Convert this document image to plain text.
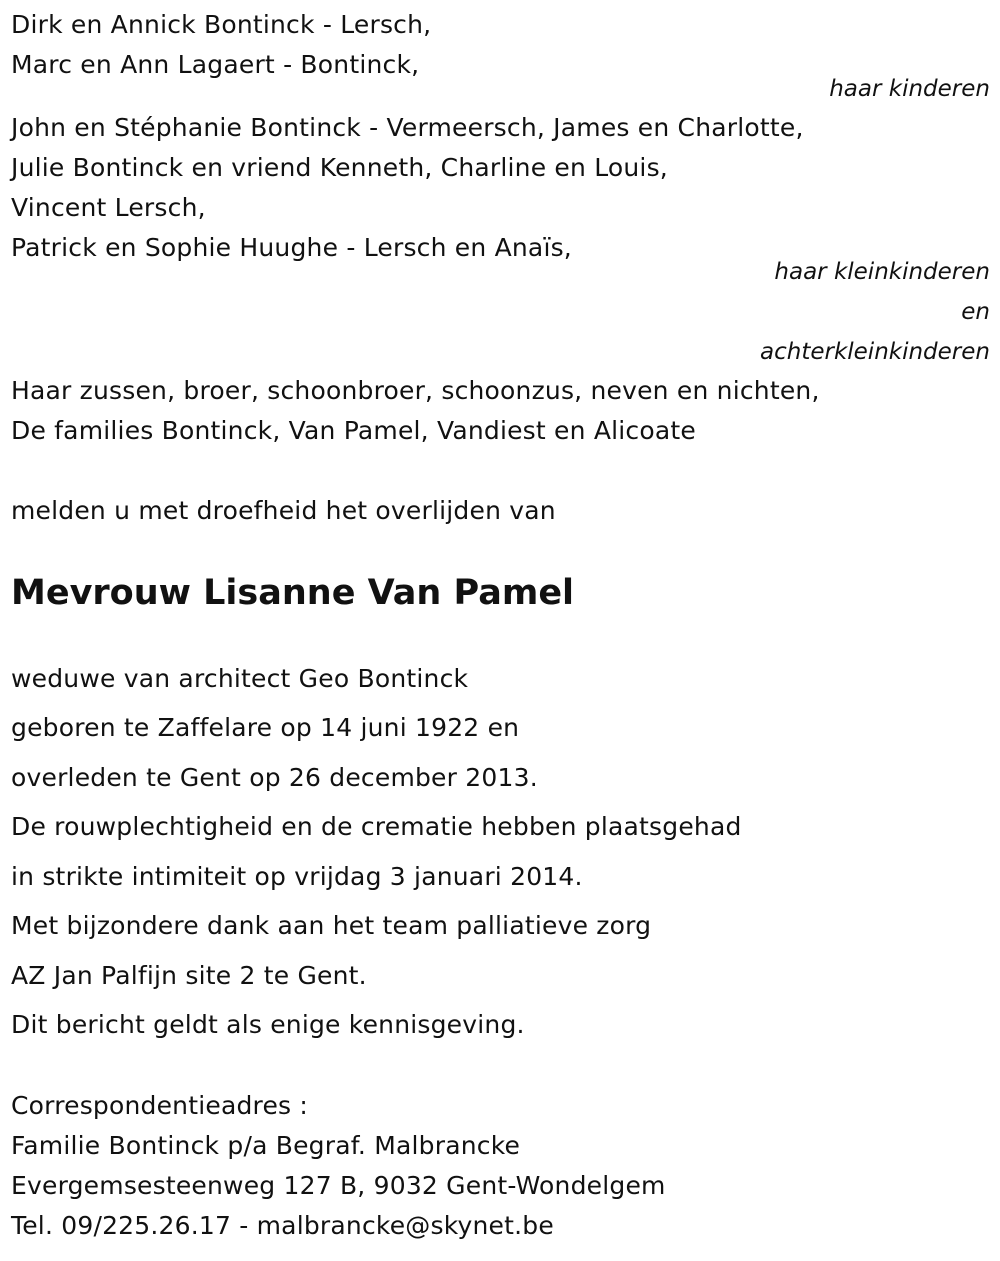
Dirk en Annick Bontinck - Lersch,
Marc en Ann Lagaert - Bontinck,
haar kinderen
John en Stéphanie Bontinck - Vermeersch, James en Charlotte,
Julie Bontinck en vriend Kenneth, Charline en Louis,
Vincent Lersch,
Patrick en Sophie Huughe - Lersch en Anaïs,
haar kleinkinderen
en
achterkleinkinderen
Haar zussen, broer, schoonbroer, schoonzus, neven en nichten,
De families Bontinck, Van Pamel, Vandiest en Alicoate
melden u met droefheid het overlijden van
Mevrouw Lisanne Van Pamel
weduwe van architect Geo Bontinck
geboren te Zaffelare op 14 juni 1922 en
overleden te Gent op 26 december 2013.
De rouwplechtigheid en de crematie hebben plaatsgehad
in strikte intimiteit op vrijdag 3 januari 2014.
Met bijzondere dank aan het team palliatieve zorg
AZ Jan Palfijn site 2 te Gent.
Dit bericht geldt als enige kennisgeving.
Correspondentieadres :
Familie Bontinck p/a Begraf. Malbrancke
Evergemsesteenweg 127 B, 9032 Gent-Wondelgem
Tel. 09/225.26.17 - malbrancke@skynet.be
